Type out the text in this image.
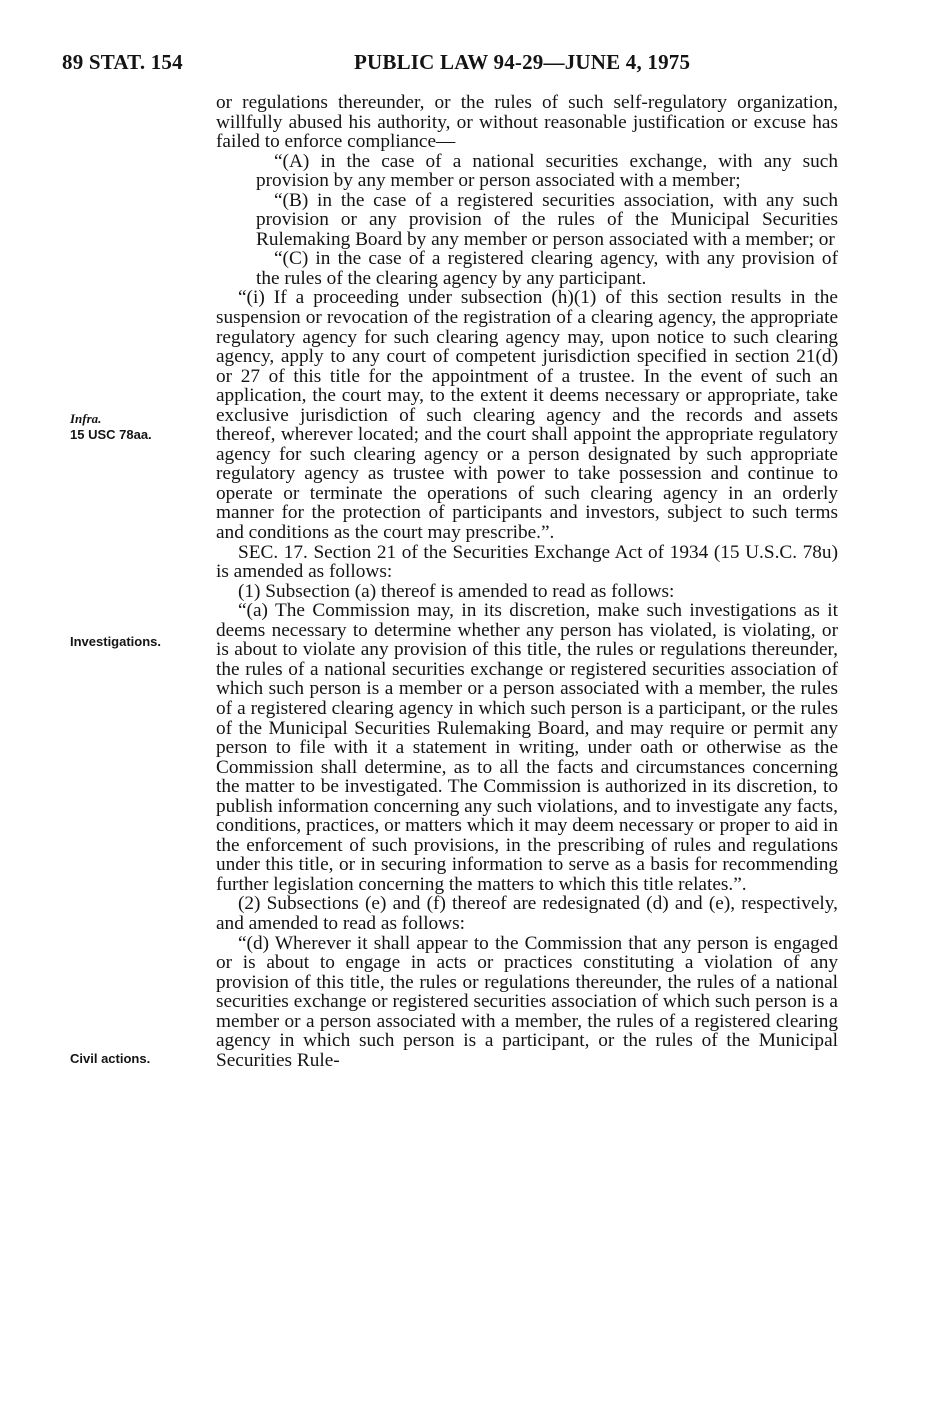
89 STAT. 154	PUBLIC LAW 94-29—JUNE 4, 1975
Infra.
15 USC 78aa.
Investigations.
Civil actions.

or regulations thereunder, or the rules of such self-regulatory organization, willfully abused his authority, or without reasonable justification or excuse has failed to enforce compliance—

“(A) in the case of a national securities exchange, with any such provision by any member or person associated with a member;

“(B) in the case of a registered securities association, with any such provision or any provision of the rules of the Municipal Securities Rulemaking Board by any member or person associated with a member; or

“(C) in the case of a registered clearing agency, with any provision of the rules of the clearing agency by any participant.

“(i) If a proceeding under subsection (h)(1) of this section results in the suspension or revocation of the registration of a clearing agency, the appropriate regulatory agency for such clearing agency may, upon notice to such clearing agency, apply to any court of competent jurisdiction specified in section 21(d) or 27 of this title for the appointment of a trustee. In the event of such an application, the court may, to the extent it deems necessary or appropriate, take exclusive jurisdiction of such clearing agency and the records and assets thereof, wherever located; and the court shall appoint the appropriate regulatory agency for such clearing agency or a person designated by such appropriate regulatory agency as trustee with power to take possession and continue to operate or terminate the operations of such clearing agency in an orderly manner for the protection of participants and investors, subject to such terms and conditions as the court may prescribe.”.

SEC. 17. Section 21 of the Securities Exchange Act of 1934 (15 U.S.C. 78u) is amended as follows:

(1) Subsection (a) thereof is amended to read as follows:

“(a) The Commission may, in its discretion, make such investigations as it deems necessary to determine whether any person has violated, is violating, or is about to violate any provision of this title, the rules or regulations thereunder, the rules of a national securities exchange or registered securities association of which such person is a member or a person associated with a member, the rules of a registered clearing agency in which such person is a participant, or the rules of the Municipal Securities Rulemaking Board, and may require or permit any person to file with it a statement in writing, under oath or otherwise as the Commission shall determine, as to all the facts and circumstances concerning the matter to be investigated. The Commission is authorized in its discretion, to publish information concerning any such violations, and to investigate any facts, conditions, practices, or matters which it may deem necessary or proper to aid in the enforcement of such provisions, in the prescribing of rules and regulations under this title, or in securing information to serve as a basis for recommending further legislation concerning the matters to which this title relates.”.

(2) Subsections (e) and (f) thereof are redesignated (d) and (e), respectively, and amended to read as follows:

“(d) Wherever it shall appear to the Commission that any person is engaged or is about to engage in acts or practices constituting a violation of any provision of this title, the rules or regulations thereunder, the rules of a national securities exchange or registered securities association of which such person is a member or a person associated with a member, the rules of a registered clearing agency in which such person is a participant, or the rules of the Municipal Securities Rule-
